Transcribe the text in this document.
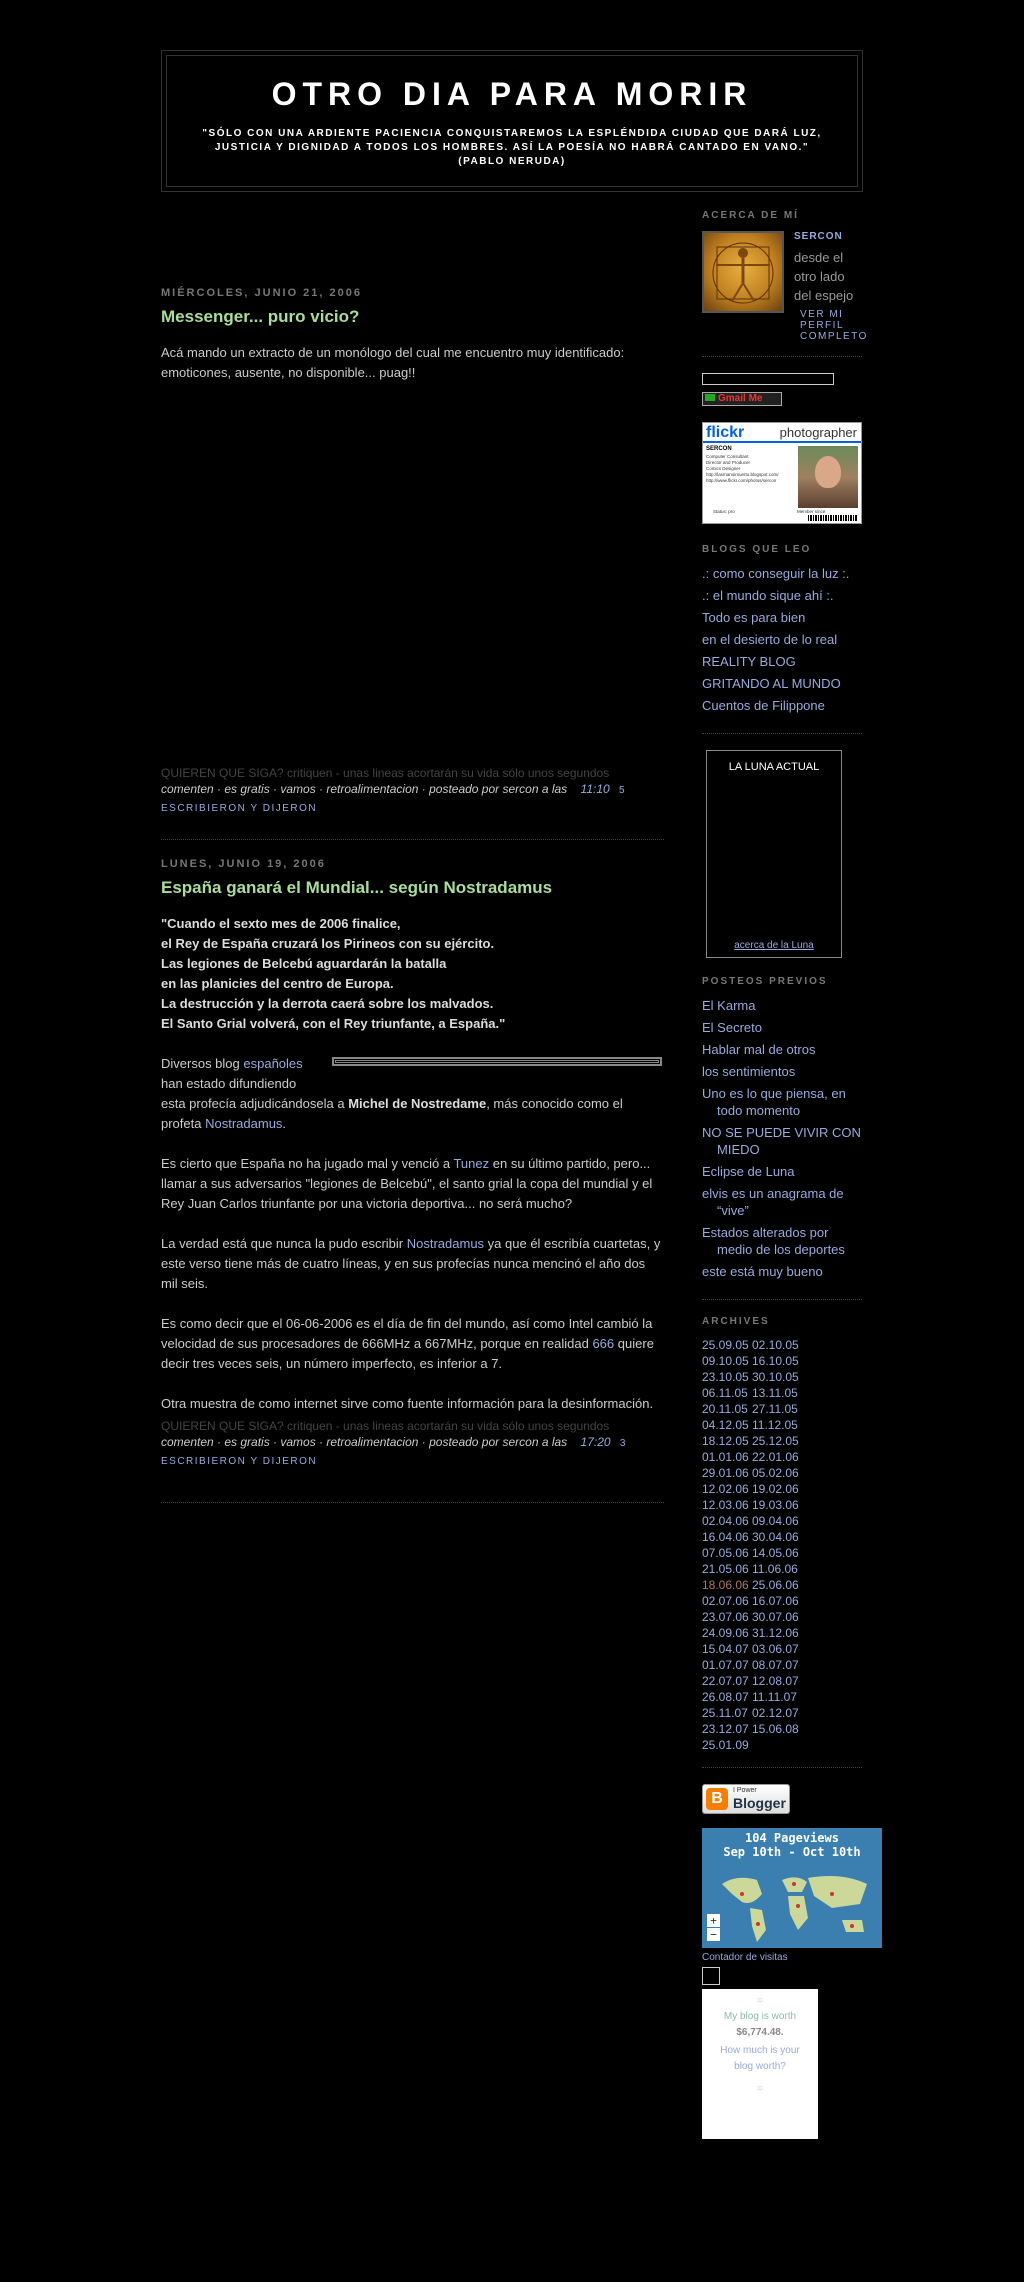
OTRO DIA PARA MORIR

"SÓLO CON UNA ARDIENTE PACIENCIA CONQUISTAREMOS LA ESPLÉNDIDA CIUDAD QUE DARÁ LUZ, JUSTICIA Y DIGNIDAD A TODOS LOS HOMBRES. ASÍ LA POESÍA NO HABRÁ CANTADO EN VANO." (PABLO NERUDA)

MIÉRCOLES, JUNIO 21, 2006
Messenger... puro vicio?

Acá mando un extracto de un monólogo del cual me encuentro muy identificado: emoticones, ausente, no disponible... puag!!

QUIEREN QUE SIGA? critiquen - unas lineas acortarán su vida sólo unos segundos
comenten · es gratis · vamos · retroalimentacion · posteado por sercon a las 11:10 5 ESCRIBIERON Y DIJERON
LUNES, JUNIO 19, 2006
España ganará el Mundial... según Nostradamus

"Cuando el sexto mes de 2006 finalice,
el Rey de España cruzará los Pirineos con su ejército.
Las legiones de Belcebú aguardarán la batalla
en las planicies del centro de Europa.
La destrucción y la derrota caerá sobre los malvados.
El Santo Grial volverá, con el Rey triunfante, a España."

Diversos blog españoles
han estado difundiendo
esta profecía adjudicándosela a Michel de Nostredame, más conocido como el profeta Nostradamus.

Es cierto que España no ha jugado mal y venció a Tunez en su último partido, pero... llamar a sus adversarios "legiones de Belcebú", el santo grial la copa del mundial y el Rey Juan Carlos triunfante por una victoria deportiva... no será mucho?

La verdad está que nunca la pudo escribir Nostradamus ya que él escribía cuartetas, y este verso tiene más de cuatro líneas, y en sus profecías nunca mencinó el año dos mil seis.

Es como decir que el 06-06-2006 es el día de fin del mundo, así como Intel cambió la velocidad de sus procesadores de 666MHz a 667MHz, porque en realidad 666 quiere decir tres veces seis, un número imperfecto, es inferior a 7.

Otra muestra de como internet sirve como fuente información para la desinformación.

QUIEREN QUE SIGA? critiquen - unas lineas acortarán su vida sólo unos segundos
comenten · es gratis · vamos · retroalimentacion · posteado por sercon a las 17:20 3 ESCRIBIERON Y DIJERON
ACERCA DE MÍ
SERCON
desde el otro lado del espejo
VER MI PERFIL COMPLETO
Gmail Me
flickr	photographer
SERCON
Computer Consultant
Director and Producer
Comics Designer
http://lasmanoimuerto.blogspot.com/
http://www.flickr.com/photos/sercon
Status: pro	Member since:
BLOGS QUE LEO
.: como conseguir la luz :.
.: el mundo sique ahí :.
Todo es para bien
en el desierto de lo real
REALITY BLOG
GRITANDO AL MUNDO
Cuentos de Filippone
LA LUNA ACTUAL
acerca de la Luna
POSTEOS PREVIOS
El Karma
El Secreto
Hablar mal de otros
los sentimientos
Uno es lo que piensa, en todo momento
NO SE PUEDE VIVIR CON MIEDO
Eclipse de Luna
elvis es un anagrama de “vive”
Estados alterados por medio de los deportes
este está muy bueno
ARCHIVES
25.09.05 02.10.05
09.10.05 16.10.05
23.10.05 30.10.05
06.11.05 13.11.05
20.11.05 27.11.05
04.12.05 11.12.05
18.12.05 25.12.05
01.01.06 22.01.06
29.01.06 05.02.06
12.02.06 19.02.06
12.03.06 19.03.06
02.04.06 09.04.06
16.04.06 30.04.06
07.05.06 14.05.06
21.05.06 11.06.06
18.06.06 25.06.06
02.07.06 16.07.06
23.07.06 30.07.06
24.09.06 31.12.06
15.04.07 03.06.07
01.07.07 08.07.07
22.07.07 12.08.07
26.08.07 11.11.07
25.11.07 02.12.07
23.12.07 15.06.08
25.01.09
B	I Power
Blogger
104 Pageviews
Sep 10th - Oct 10th
+
−
Contador de visitas
○
My blog is worth
$6,774.48.
How much is your blog worth?
○
